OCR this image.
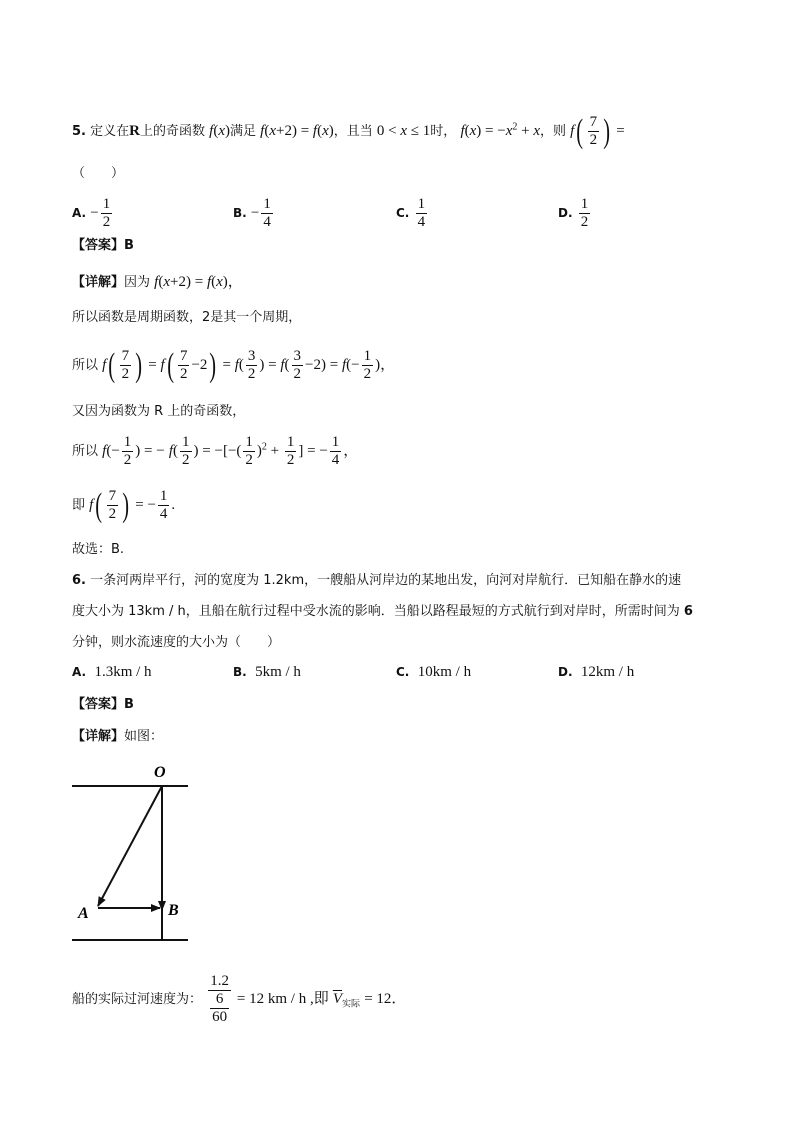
5. 定义在R上的奇函数 f(x)满足 f(x+2) = f(x)，且当 0 < x ≤ 1时， $f(x) = -x^2 + x$，则 $f( \frac{7}{2}$ ) =
（　　）
A. − $\frac{1}{2}$	B. − $\frac{1}{4}$	C. $\frac{1}{4}$	D. $\frac{1}{2}$
【答案】B
【详解】因为 f(x+2) = f(x)，
所以函数是周期函数，2是其一个周期，
所以 $f( \frac{7}{2}$ ) = $f( \frac{7}{2} -2) = f( \frac{3}{2}$ ) = $f( \frac{3}{2} -2) = f(- \frac{1}{2}$ )，
又因为函数为 R 上的奇函数，
所以 $f(- \frac{1}{2}$ ) = − $f( \frac{1}{2}$ ) = −[−( $\frac{1}{2} )^2 + \frac{1}{2}$ ] = − $\frac{1}{4}$ ，
即 $f( \frac{7}{2}$ ) = − $\frac{1}{4}$ .
故选：B.
6. 一条河两岸平行，河的宽度为 1.2km，一艘船从河岸边的某地出发，向河对岸航行．已知船在静水的速
度大小为 13km / h，且船在航行过程中受水流的影响．当船以路程最短的方式航行到对岸时，所需时间为 6
分钟，则水流速度的大小为（　　）
A. 1.3km / h	B. 5km / h	C. 10km / h	D. 12km / h
【答案】B
【详解】如图：
O
A	B
船的实际过河速度为： $\frac{1.2}{\frac{6}{60}} = 12$ km / h ,即 $\overline{V}_{实际} = 12$．
